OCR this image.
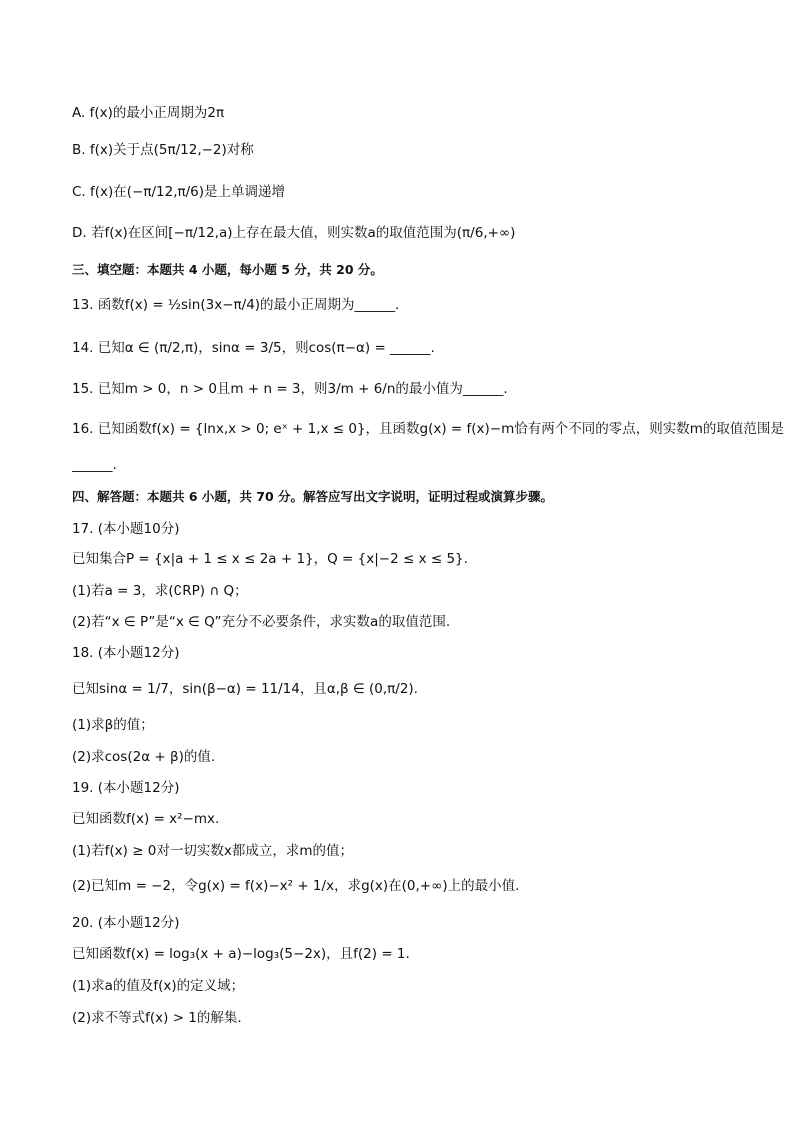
A. f(x)的最小正周期为2π
B. f(x)关于点(5π/12,−2)对称
C. f(x)在(−π/12,π/6)是上单调递增
D. 若f(x)在区间[−π/12,a)上存在最大值，则实数a的取值范围为(π/6,+∞)
三、填空题：本题共 4 小题，每小题 5 分，共 20 分。
13. 函数f(x) = ½sin(3x−π/4)的最小正周期为______.
14. 已知α ∈ (π/2,π)，sinα = 3/5，则cos(π−α) = ______.
15. 已知m > 0，n > 0且m + n = 3，则3/m + 6/n的最小值为______.
16. 已知函数f(x) = {lnx,x > 0; eˣ + 1,x ≤ 0}，且函数g(x) = f(x)−m恰有两个不同的零点，则实数m的取值范围是
______.
四、解答题：本题共 6 小题，共 70 分。解答应写出文字说明，证明过程或演算步骤。
17. (本小题10分)
已知集合P = {x|a + 1 ≤ x ≤ 2a + 1}，Q = {x|−2 ≤ x ≤ 5}.
(1)若a = 3，求(∁RP) ∩ Q；
(2)若“x ∈ P”是“x ∈ Q”充分不必要条件，求实数a的取值范围.
18. (本小题12分)
已知sinα = 1/7，sin(β−α) = 11/14，且α,β ∈ (0,π/2).
(1)求β的值；
(2)求cos(2α + β)的值.
19. (本小题12分)
已知函数f(x) = x²−mx.
(1)若f(x) ≥ 0对一切实数x都成立，求m的值；
(2)已知m = −2，令g(x) = f(x)−x² + 1/x，求g(x)在(0,+∞)上的最小值.
20. (本小题12分)
已知函数f(x) = log₃(x + a)−log₃(5−2x)，且f(2) = 1.
(1)求a的值及f(x)的定义域；
(2)求不等式f(x) > 1的解集.
